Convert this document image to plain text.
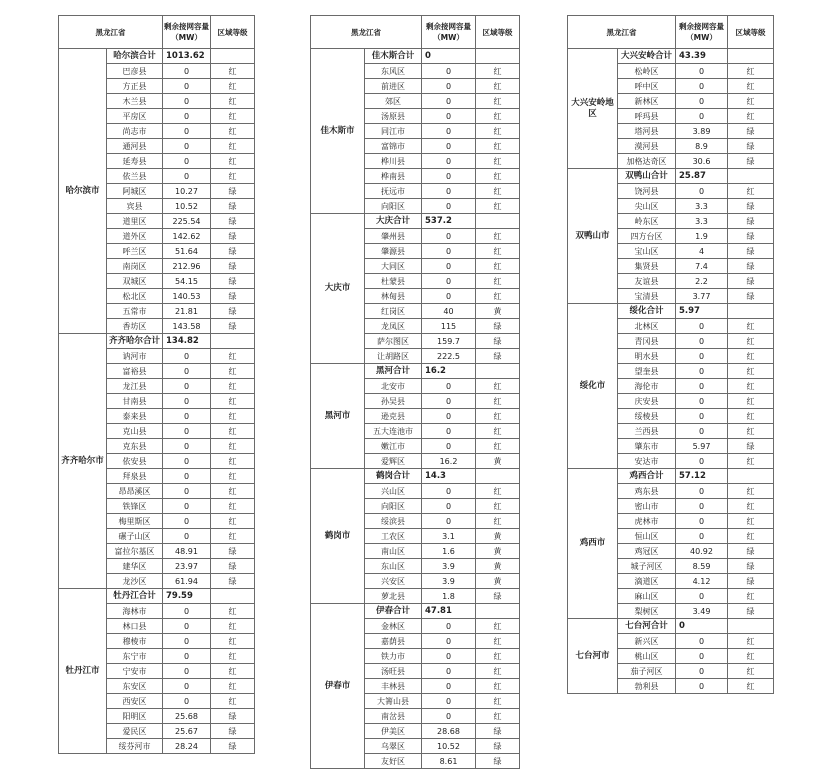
黑龙江省		剩余接网容量（MW）	区域等级
哈尔滨市	哈尔滨合计	1013.62	
	巴彦县	0	红
	方正县	0	红
	木兰县	0	红
	平房区	0	红
	尚志市	0	红
	通河县	0	红
	延寿县	0	红
	依兰县	0	红
	阿城区	10.27	绿
	宾县	10.52	绿
	道里区	225.54	绿
	道外区	142.62	绿
	呼兰区	51.64	绿
	南岗区	212.96	绿
	双城区	54.15	绿
	松北区	140.53	绿
	五常市	21.81	绿
	香坊区	143.58	绿
齐齐哈尔市	齐齐哈尔合计	134.82	
	讷河市	0	红
	富裕县	0	红
	龙江县	0	红
	甘南县	0	红
	泰来县	0	红
	克山县	0	红
	克东县	0	红
	依安县	0	红
	拜泉县	0	红
	昂昂溪区	0	红
	铁锋区	0	红
	梅里斯区	0	红
	碾子山区	0	红
	富拉尔基区	48.91	绿
	建华区	23.97	绿
	龙沙区	61.94	绿
牡丹江市	牡丹江合计	79.59	
	海林市	0	红
	林口县	0	红
	穆棱市	0	红
	东宁市	0	红
	宁安市	0	红
	东安区	0	红
	西安区	0	红
	阳明区	25.68	绿
	爱民区	25.67	绿
	绥芬河市	28.24	绿
黑龙江省		剩余接网容量（MW）	区域等级
佳木斯市	佳木斯合计	0	
	东风区	0	红
	前进区	0	红
	郊区	0	红
	汤原县	0	红
	同江市	0	红
	富锦市	0	红
	桦川县	0	红
	桦南县	0	红
	抚远市	0	红
	向阳区	0	红
大庆市	大庆合计	537.2	
	肇州县	0	红
	肇源县	0	红
	大同区	0	红
	杜蒙县	0	红
	林甸县	0	红
	红岗区	40	黄
	龙凤区	115	绿
	萨尔图区	159.7	绿
	让胡路区	222.5	绿
黑河市	黑河合计	16.2	
	北安市	0	红
	孙吴县	0	红
	逊克县	0	红
	五大连池市	0	红
	嫩江市	0	红
	爱辉区	16.2	黄
鹤岗市	鹤岗合计	14.3	
	兴山区	0	红
	向阳区	0	红
	绥滨县	0	红
	工农区	3.1	黄
	南山区	1.6	黄
	东山区	3.9	黄
	兴安区	3.9	黄
	萝北县	1.8	绿
伊春市	伊春合计	47.81	
	金林区	0	红
	嘉荫县	0	红
	铁力市	0	红
	汤旺县	0	红
	丰林县	0	红
	大箐山县	0	红
	南岔县	0	红
	伊美区	28.68	绿
	乌翠区	10.52	绿
	友好区	8.61	绿
黑龙江省		剩余接网容量（MW）	区域等级
大兴安岭地区	大兴安岭合计	43.39	
	松岭区	0	红
	呼中区	0	红
	新林区	0	红
	呼玛县	0	红
	塔河县	3.89	绿
	漠河县	8.9	绿
	加格达奇区	30.6	绿
双鸭山市	双鸭山合计	25.87	
	饶河县	0	红
	尖山区	3.3	绿
	岭东区	3.3	绿
	四方台区	1.9	绿
	宝山区	4	绿
	集贤县	7.4	绿
	友谊县	2.2	绿
	宝清县	3.77	绿
绥化市	绥化合计	5.97	
	北林区	0	红
	青冈县	0	红
	明水县	0	红
	望奎县	0	红
	海伦市	0	红
	庆安县	0	红
	绥棱县	0	红
	兰西县	0	红
	肇东市	5.97	绿
	安达市	0	红
鸡西市	鸡西合计	57.12	
	鸡东县	0	红
	密山市	0	红
	虎林市	0	红
	恒山区	0	红
	鸡冠区	40.92	绿
	城子河区	8.59	绿
	滴道区	4.12	绿
	麻山区	0	红
	梨树区	3.49	绿
七台河市	七台河合计	0	
	新兴区	0	红
	桃山区	0	红
	茄子河区	0	红
	勃利县	0	红
